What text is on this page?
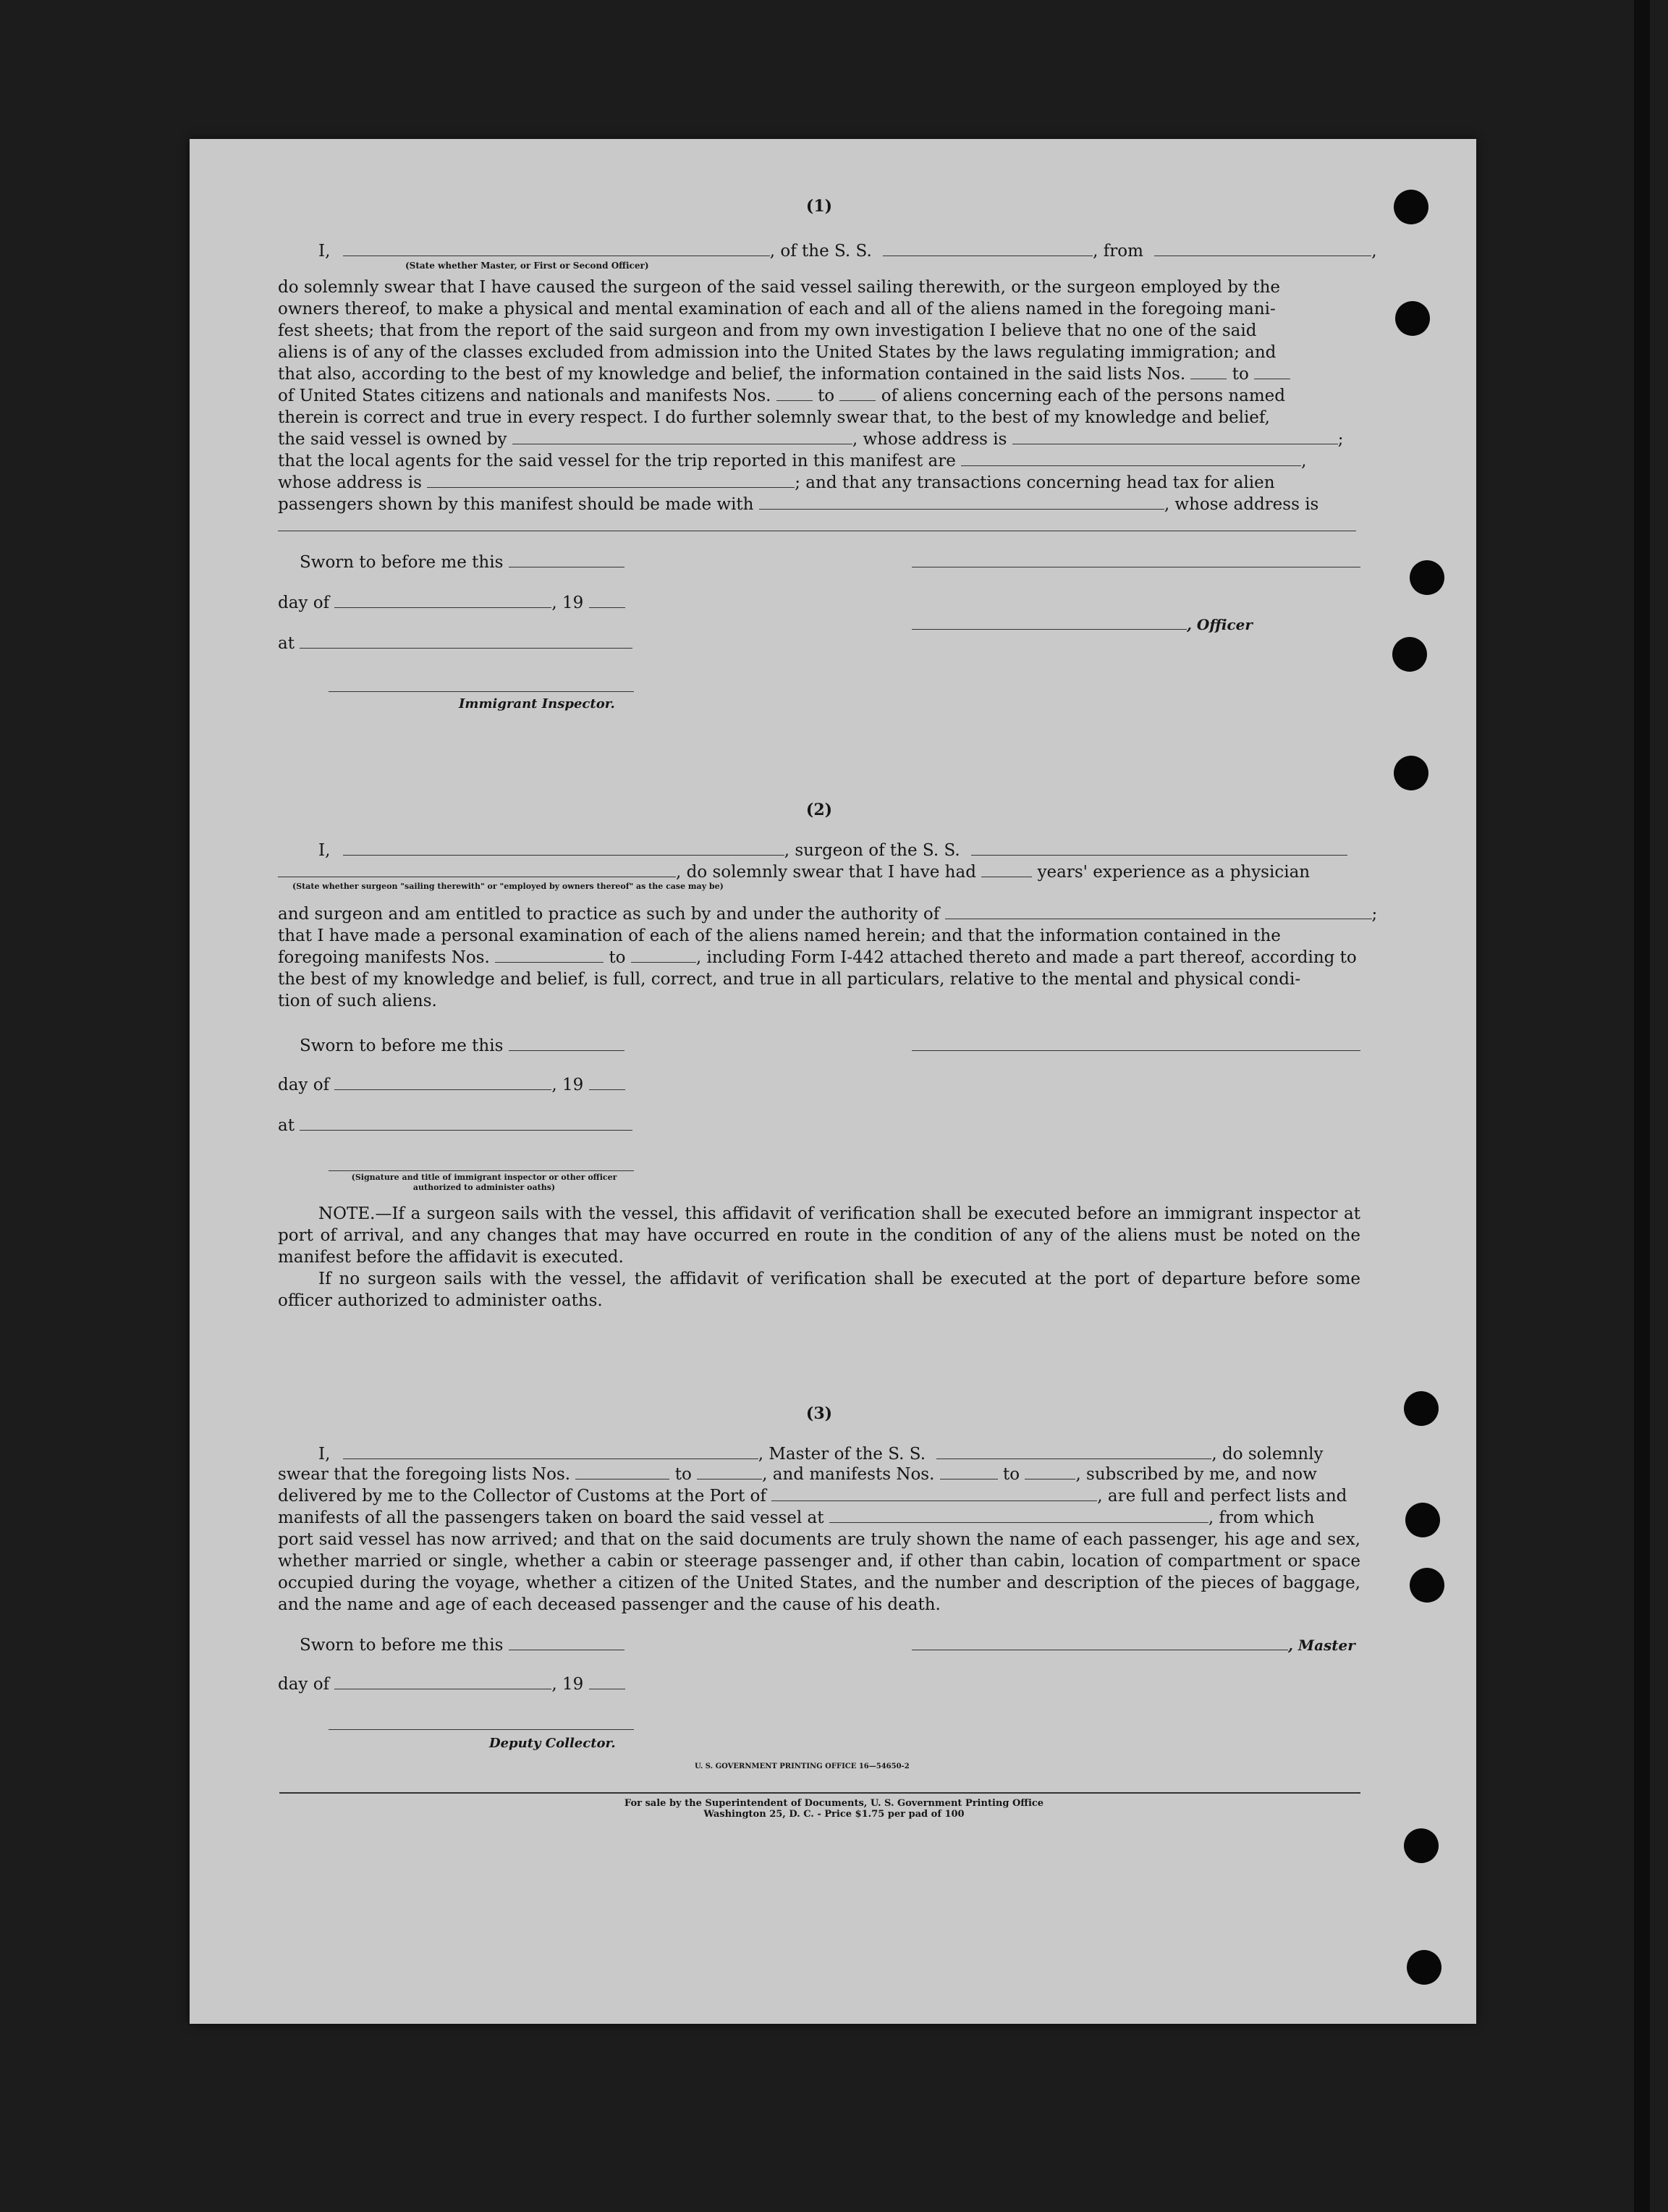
(1)
I,	, of the S. S.	, from	,
(State whether Master, or First or Second Officer)

do solemnly swear that I have caused the surgeon of the said vessel sailing therewith, or the surgeon employed by the

owners thereof, to make a physical and mental examination of each and all of the aliens named in the foregoing mani-

fest sheets; that from the report of the said surgeon and from my own investigation I believe that no one of the said

aliens is of any of the classes excluded from admission into the United States by the laws regulating immigration; and

that also, according to the best of my knowledge and belief, the information contained in the said lists Nos.	to
of United States citizens and nationals and manifests Nos.	to	of aliens concerning each of the persons named

therein is correct and true in every respect. I do further solemnly swear that, to the best of my knowledge and belief,

the said vessel is owned by	, whose address is	;
that the local agents for the said vessel for the trip reported in this manifest are	,
whose address is	; and that any transactions concerning head tax for alien
passengers shown by this manifest should be made with	, whose address is
Sworn to before me this
day of	, 19
, Officer
at
Immigrant Inspector.
(2)
I,	, surgeon of the S. S.
, do solemnly swear that I have had	years' experience as a physician
(State whether surgeon "sailing therewith" or "employed by owners thereof" as the case may be)
and surgeon and am entitled to practice as such by and under the authority of	;

that I have made a personal examination of each of the aliens named herein; and that the information contained in the

foregoing manifests Nos.	to	, including Form I-442 attached thereto and made a part thereof, according to

the best of my knowledge and belief, is full, correct, and true in all particulars, relative to the mental and physical condi-

tion of such aliens.

Sworn to before me this
day of	, 19
at
(Signature and title of immigrant inspector or other officer authorized to administer oaths)

NOTE.—If a surgeon sails with the vessel, this affidavit of verification shall be executed before an immigrant inspector at port of arrival, and any changes that may have occurred en route in the condition of any of the aliens must be noted on the manifest before the affidavit is executed.

If no surgeon sails with the vessel, the affidavit of verification shall be executed at the port of departure before some officer authorized to administer oaths.

(3)
I,	, Master of the S. S.	, do solemnly
swear that the foregoing lists Nos.	to	, and manifests Nos.	to	, subscribed by me, and now
delivered by me to the Collector of Customs at the Port of	, are full and perfect lists and
manifests of all the passengers taken on board the said vessel at	, from which

port said vessel has now arrived; and that on the said documents are truly shown the name of each passenger, his age and sex, whether married or single, whether a cabin or steerage passenger and, if other than cabin, location of compartment or space occupied during the voyage, whether a citizen of the United States, and the number and description of the pieces of baggage, and the name and age of each deceased passenger and the cause of his death.

Sworn to before me this	, Master
day of	, 19
Deputy Collector.
U. S. GOVERNMENT PRINTING OFFICE 16—54650-2
For sale by the Superintendent of Documents, U. S. Government Printing Office
Washington 25, D. C. - Price $1.75 per pad of 100
